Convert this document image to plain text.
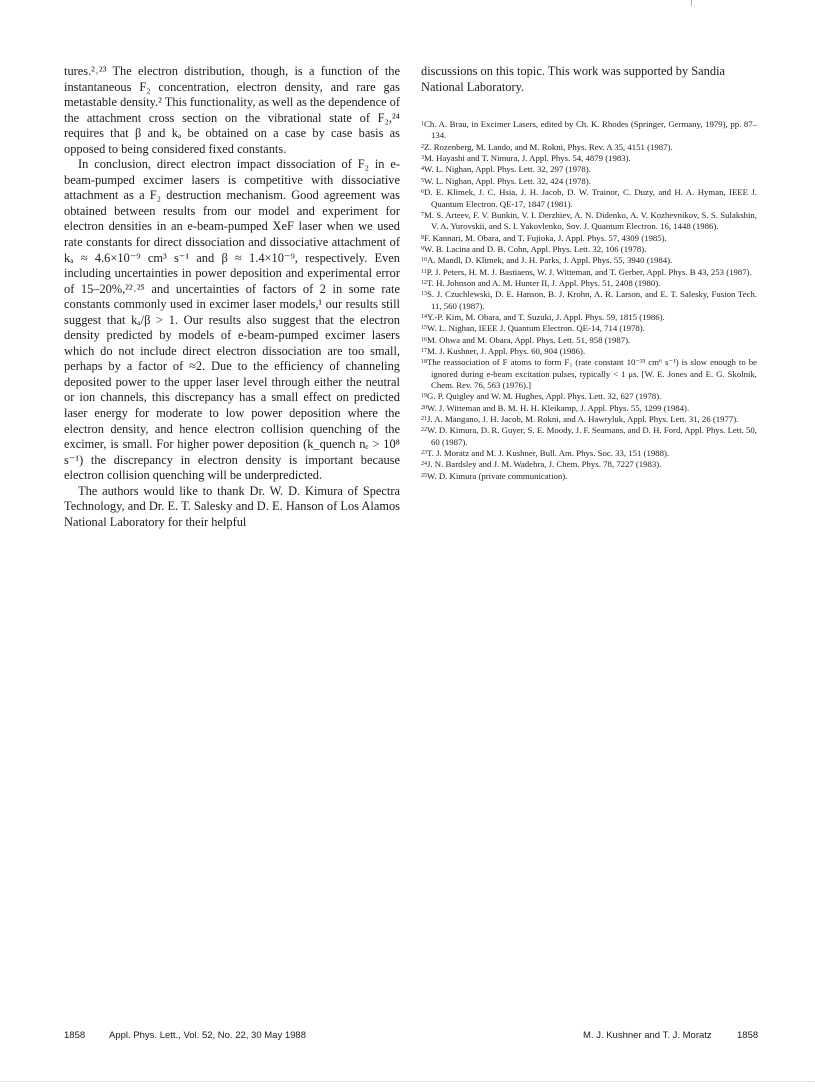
tures.²˒²³ The electron distribution, though, is a function of the instantaneous F₂ concentration, electron density, and rare gas metastable density.² This functionality, as well as the dependence of the attachment cross section on the vibrational state of F₂,²⁴ requires that β and kₐ be obtained on a case by case basis as opposed to being considered fixed constants.

In conclusion, direct electron impact dissociation of F₂ in e-beam-pumped excimer lasers is competitive with dissociative attachment as a F₂ destruction mechanism. Good agreement was obtained between results from our model and experiment for electron densities in an e-beam-pumped XeF laser when we used rate constants for direct dissociation and dissociative attachment of kₐ ≈ 4.6×10⁻⁹ cm³ s⁻¹ and β ≈ 1.4×10⁻⁹, respectively. Even including uncertainties in power deposition and experimental error of 15–20%,²²˒²⁵ and uncertainties of factors of 2 in some rate constants commonly used in excimer laser models,¹ our results still suggest that kₐ/β > 1. Our results also suggest that the electron density predicted by models of e-beam-pumped excimer lasers which do not include direct electron dissociation are too small, perhaps by a factor of ≈2. Due to the efficiency of channeling deposited power to the upper laser level through either the neutral or ion channels, this discrepancy has a small effect on predicted laser energy for moderate to low power deposition where the electron density, and hence electron collision quenching of the excimer, is small. For higher power deposition (k_quench nₑ > 10⁸ s⁻¹) the discrepancy in electron density is important because electron collision quenching will be underpredicted.

The authors would like to thank Dr. W. D. Kimura of Spectra Technology, and Dr. E. T. Salesky and D. E. Hanson of Los Alamos National Laboratory for their helpful

discussions on this topic. This work was supported by Sandia National Laboratory.

$^1$Ch. A. Brau, in Excimer Lasers, edited by Ch. K. Rhodes (Springer, Germany, 1979), pp. 87–134.
$^2$Z. Rozenberg, M. Lando, and M. Rokni, Phys. Rev. A 35, 4151 (1987).
$^3$M. Hayashi and T. Nimura, J. Appl. Phys. 54, 4879 (1983).
$^4$W. L. Nighan, Appl. Phys. Lett. 32, 297 (1978).
$^5$W. L. Nighan, Appl. Phys. Lett. 32, 424 (1978).
$^6$D. E. Klimek, J. C. Hsia, J. H. Jacob, D. W. Trainor, C. Duzy, and H. A. Hyman, IEEE J. Quantum Electron. QE-17, 1847 (1981).
$^7$M. S. Arteev, F. V. Bunkin, V. I. Derzhiev, A. N. Didenko, A. V. Kozhevnikov, S. S. Sulakshin, V. A. Yurovskii, and S. I. Yakovlenko, Sov. J. Quantum Electron. 16, 1448 (1986).
$^8$F. Kannari, M. Obara, and T. Fujioka, J. Appl. Phys. 57, 4309 (1985).
$^9$W. B. Lacina and D. B. Cohn, Appl. Phys. Lett. 32, 106 (1978).
$^{10}$A. Mandl, D. Klimek, and J. H. Parks, J. Appl. Phys. 55, 3940 (1984).
$^{11}$P. J. Peters, H. M. J. Bastiaens, W. J. Witteman, and T. Gerber, Appl. Phys. B 43, 253 (1987).
$^{12}$T. H. Johnson and A. M. Hunter II, J. Appl. Phys. 51, 2408 (1980).
$^{13}$S. J. Czuchlewski, D. E. Hanson, B. J. Krohn, A. R. Larson, and E. T. Salesky, Fusion Tech. 11, 560 (1987).
$^{14}$Y.-P. Kim, M. Obara, and T. Suzuki, J. Appl. Phys. 59, 1815 (1986).
$^{15}$W. L. Nighan, IEEE J. Quantum Electron. QE-14, 714 (1978).
$^{16}$M. Ohwa and M. Obara, Appl. Phys. Lett. 51, 958 (1987).
$^{17}$M. J. Kushner, J. Appl. Phys. 60, 904 (1986).
$^{18}$The reassociation of F atoms to form F₂ (rate constant 10⁻³³ cm⁶ s⁻¹) is slow enough to be ignored during e-beam excitation pulses, typically < 1 μs. [W. E. Jones and E. G. Skolnik, Chem. Rev. 76, 563 (1976).]
$^{19}$G. P. Quigley and W. M. Hughes, Appl. Phys. Lett. 32, 627 (1978).
$^{20}$W. J. Witteman and B. M. H. H. Kleikamp, J. Appl. Phys. 55, 1299 (1984).
$^{21}$J. A. Mangano, J. H. Jacob, M. Rokni, and A. Hawryluk, Appl. Phys. Lett. 31, 26 (1977).
$^{22}$W. D. Kimura, D. R. Guyer, S. E. Moody, J. F. Seamans, and D. H. Ford, Appl. Phys. Lett. 50, 60 (1987).
$^{23}$T. J. Moratz and M. J. Kushner, Bull. Am. Phys. Soc. 33, 151 (1988).
$^{24}$J. N. Bardsley and J. M. Wadehra, J. Chem. Phys. 78, 7227 (1983).
$^{25}$W. D. Kimura (private communication).
1858	Appl. Phys. Lett., Vol. 52, No. 22, 30 May 1988	M. J. Kushner and T. J. Moratz	1858
